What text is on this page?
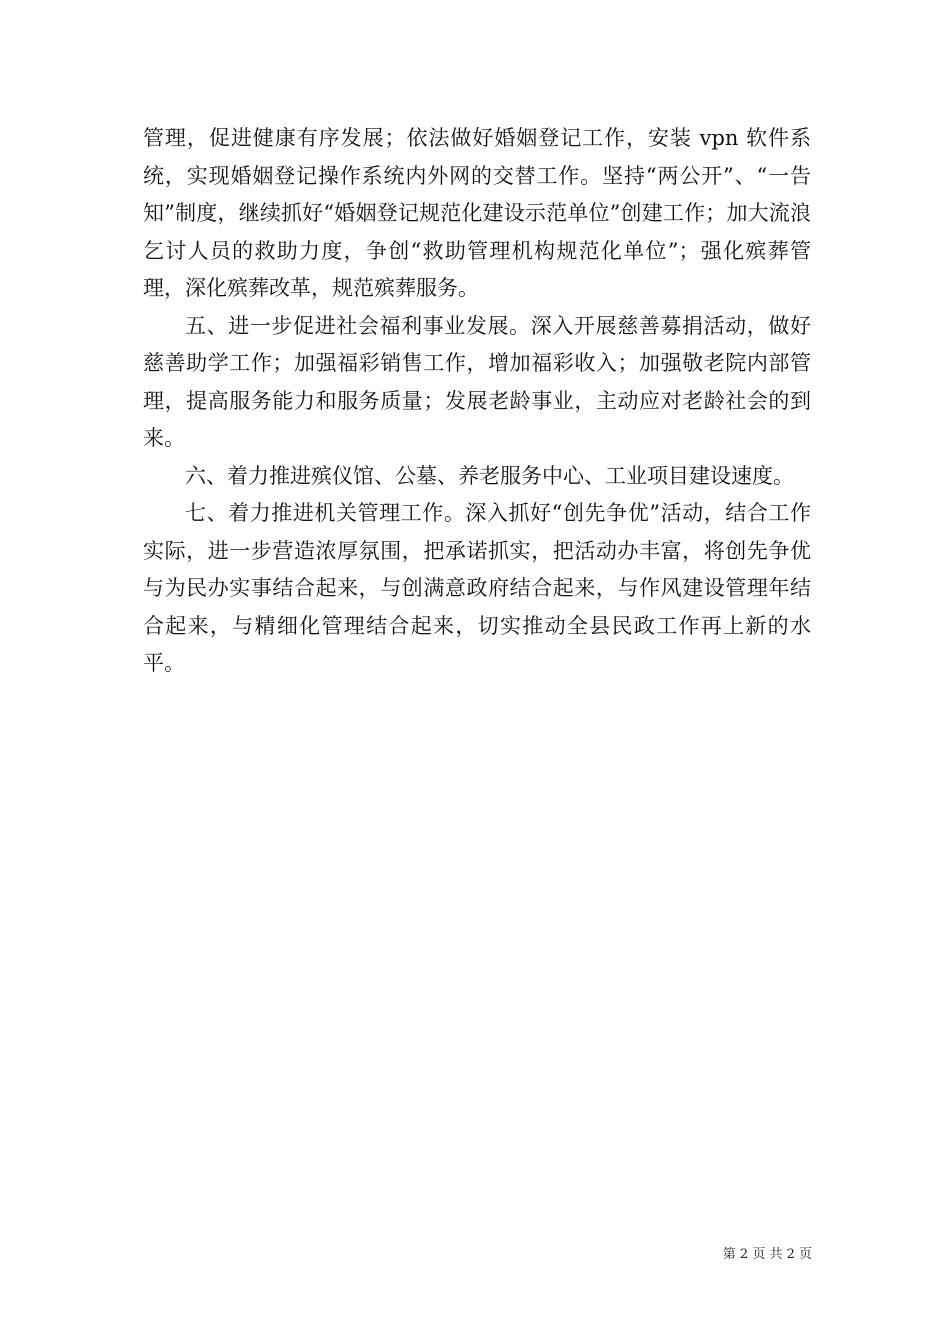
管理，促进健康有序发展；依法做好婚姻登记工作，安装 vpn 软件系统，实现婚姻登记操作系统内外网的交替工作。坚持“两公开”、“一告知”制度，继续抓好“婚姻登记规范化建设示范单位”创建工作；加大流浪乞讨人员的救助力度，争创“救助管理机构规范化单位”；强化殡葬管理，深化殡葬改革，规范殡葬服务。

五、进一步促进社会福利事业发展。深入开展慈善募捐活动，做好慈善助学工作；加强福彩销售工作，增加福彩收入；加强敬老院内部管理，提高服务能力和服务质量；发展老龄事业，主动应对老龄社会的到来。

六、着力推进殡仪馆、公墓、养老服务中心、工业项目建设速度。

七、着力推进机关管理工作。深入抓好“创先争优”活动，结合工作实际，进一步营造浓厚氛围，把承诺抓实，把活动办丰富，将创先争优与为民办实事结合起来，与创满意政府结合起来，与作风建设管理年结合起来，与精细化管理结合起来，切实推动全县民政工作再上新的水平。

第 2 页 共 2 页
